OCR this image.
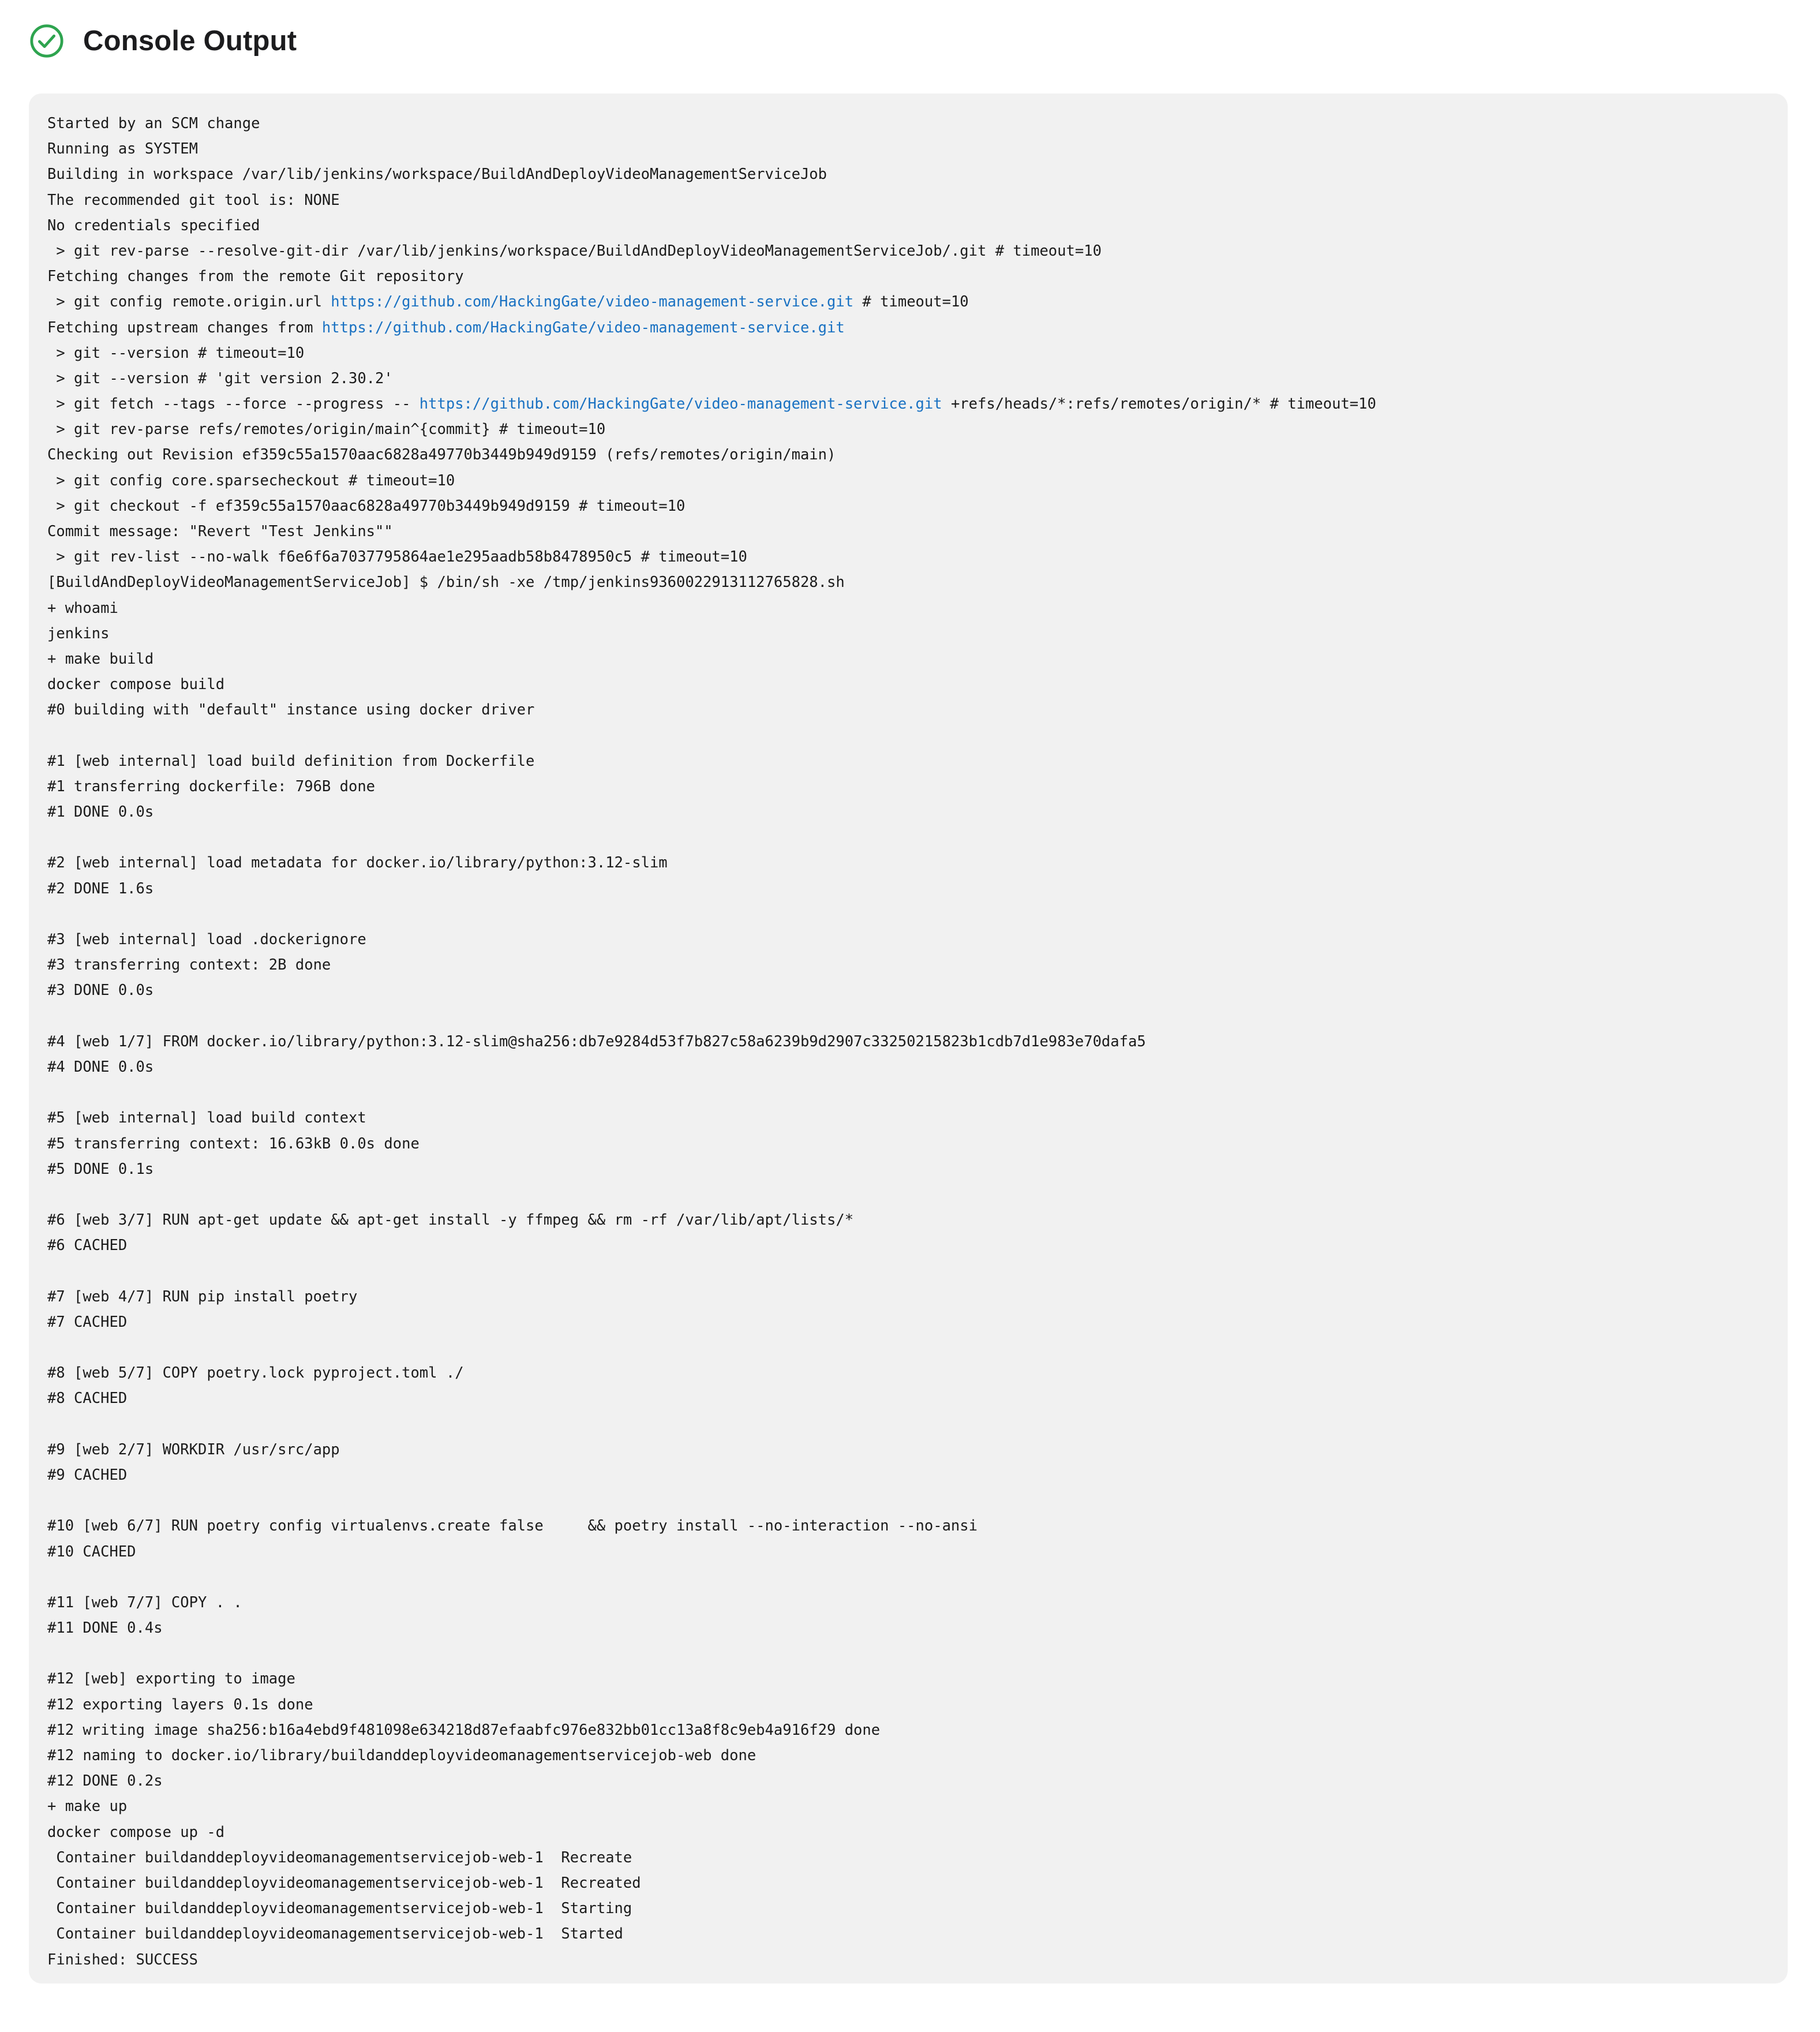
Console Output
Started by an SCM change
Running as SYSTEM
Building in workspace /var/lib/jenkins/workspace/BuildAndDeployVideoManagementServiceJob
The recommended git tool is: NONE
No credentials specified
> git rev-parse --resolve-git-dir /var/lib/jenkins/workspace/BuildAndDeployVideoManagementServiceJob/.git # timeout=10
Fetching changes from the remote Git repository
> git config remote.origin.url https://github.com/HackingGate/video-management-service.git # timeout=10
Fetching upstream changes from https://github.com/HackingGate/video-management-service.git
> git --version # timeout=10
> git --version # 'git version 2.30.2'
> git fetch --tags --force --progress -- https://github.com/HackingGate/video-management-service.git +refs/heads/*:refs/remotes/origin/* # timeout=10
> git rev-parse refs/remotes/origin/main^{commit} # timeout=10
Checking out Revision ef359c55a1570aac6828a49770b3449b949d9159 (refs/remotes/origin/main)
> git config core.sparsecheckout # timeout=10
> git checkout -f ef359c55a1570aac6828a49770b3449b949d9159 # timeout=10
Commit message: "Revert "Test Jenkins""
> git rev-list --no-walk f6e6f6a7037795864ae1e295aadb58b8478950c5 # timeout=10
[BuildAndDeployVideoManagementServiceJob] $ /bin/sh -xe /tmp/jenkins9360022913112765828.sh
+ whoami
jenkins
+ make build
docker compose build
#0 building with "default" instance using docker driver
#1 [web internal] load build definition from Dockerfile
#1 transferring dockerfile: 796B done
#1 DONE 0.0s
#2 [web internal] load metadata for docker.io/library/python:3.12-slim
#2 DONE 1.6s
#3 [web internal] load .dockerignore
#3 transferring context: 2B done
#3 DONE 0.0s
#4 [web 1/7] FROM docker.io/library/python:3.12-slim@sha256:db7e9284d53f7b827c58a6239b9d2907c33250215823b1cdb7d1e983e70dafa5
#4 DONE 0.0s
#5 [web internal] load build context
#5 transferring context: 16.63kB 0.0s done
#5 DONE 0.1s
#6 [web 3/7] RUN apt-get update && apt-get install -y ffmpeg && rm -rf /var/lib/apt/lists/*
#6 CACHED
#7 [web 4/7] RUN pip install poetry
#7 CACHED
#8 [web 5/7] COPY poetry.lock pyproject.toml ./
#8 CACHED
#9 [web 2/7] WORKDIR /usr/src/app
#9 CACHED
#10 [web 6/7] RUN poetry config virtualenvs.create false     && poetry install --no-interaction --no-ansi
#10 CACHED
#11 [web 7/7] COPY . .
#11 DONE 0.4s
#12 [web] exporting to image
#12 exporting layers 0.1s done
#12 writing image sha256:b16a4ebd9f481098e634218d87efaabfc976e832bb01cc13a8f8c9eb4a916f29 done
#12 naming to docker.io/library/buildanddeployvideomanagementservicejob-web done
#12 DONE 0.2s
+ make up
docker compose up -d
Container buildanddeployvideomanagementservicejob-web-1  Recreate
Container buildanddeployvideomanagementservicejob-web-1  Recreated
Container buildanddeployvideomanagementservicejob-web-1  Starting
Container buildanddeployvideomanagementservicejob-web-1  Started
Finished: SUCCESS
